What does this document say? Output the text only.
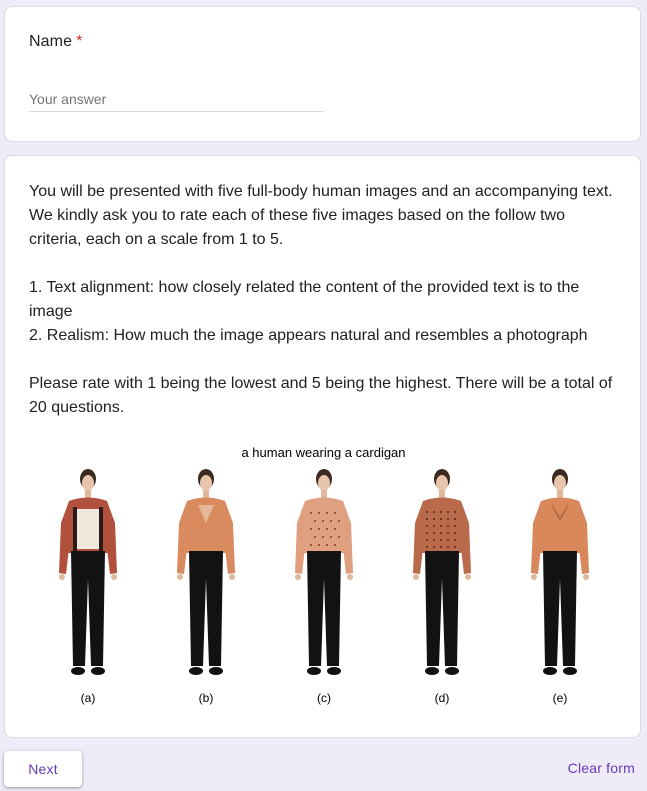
Name *
Your answer

You will be presented with five full-body human images and an accompanying text. We kindly ask you to rate each of these five images based on the follow two criteria, each on a scale from 1 to 5.

1. Text alignment: how closely related the content of the provided text is to the image
2. Realism: How much the image appears natural and resembles a photograph

Please rate with 1 being the lowest and 5 being the highest. There will be a total of 20 questions.

a human wearing a cardigan
(a)	(b)	(c)	(d)	(e)
Next	Clear form
